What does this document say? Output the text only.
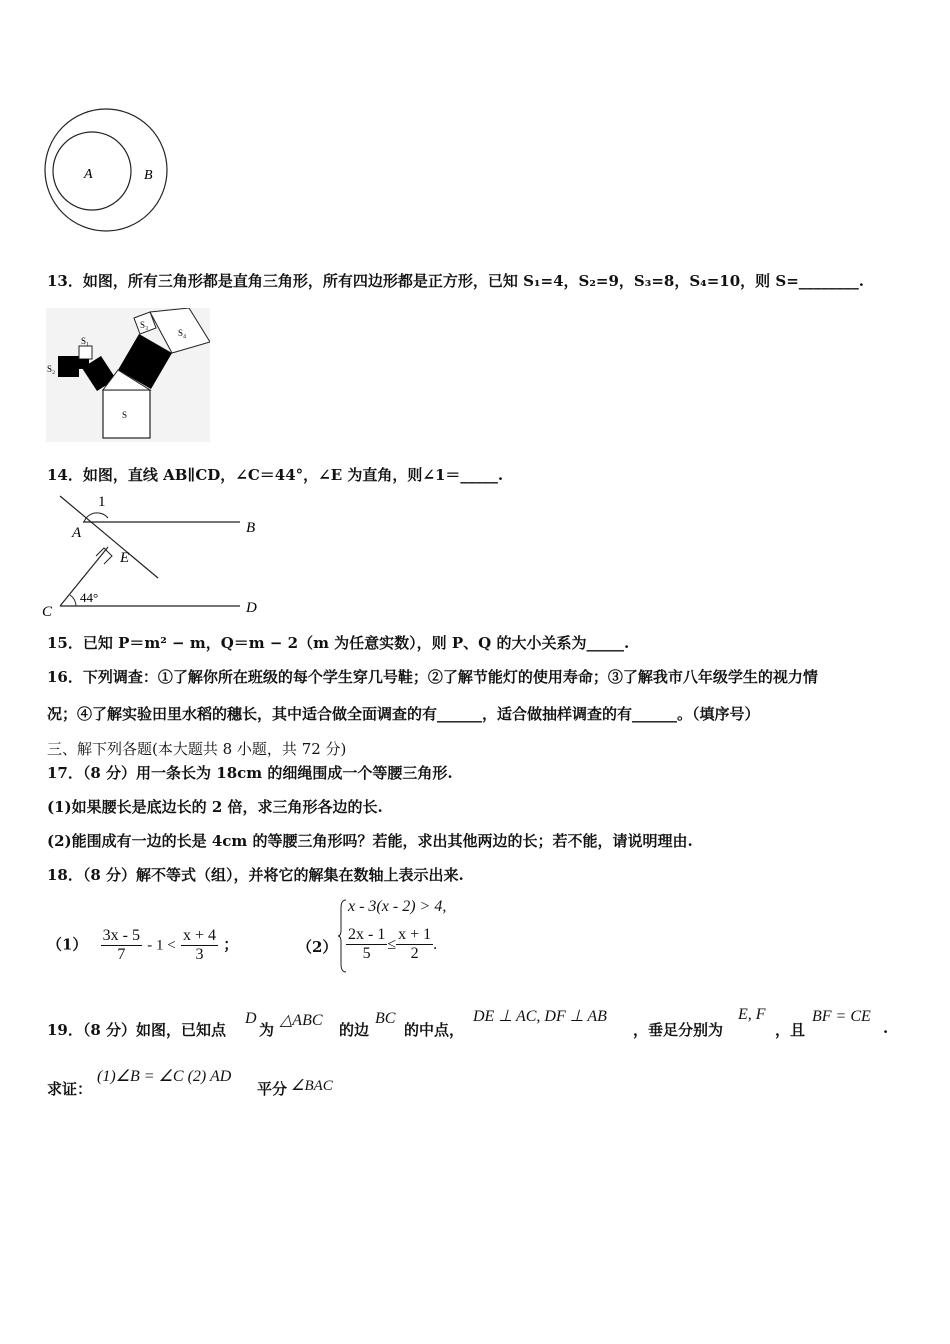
A	B
13．如图，所有三角形都是直角三角形，所有四边形都是正方形，已知 S₁=4，S₂=9，S₃=8，S₄=10，则 S=________.
S₁
S₂
S₃
S₄
S
14．如图，直线 AB∥CD，∠C＝44°，∠E 为直角，则∠1＝_____.
1
A	B
E
C	D
44°
15．已知 P＝m² − m，Q＝m − 2（m 为任意实数），则 P、Q 的大小关系为_____.
16．下列调查：①了解你所在班级的每个学生穿几号鞋；②了解节能灯的使用寿命；③了解我市八年级学生的视力情
况；④了解实验田里水稻的穗长，其中适合做全面调查的有______，适合做抽样调查的有______。（填序号）
三、解下列各题(本大题共 8 小题，共 72 分)
17．（8 分）用一条长为 18cm 的细绳围成一个等腰三角形.
(1)如果腰长是底边长的 2 倍，求三角形各边的长.
(2)能围成有一边的长是 4cm 的等腰三角形吗？若能，求出其他两边的长；若不能，请说明理由.
18．（8 分）解不等式（组），并将它的解集在数轴上表示出来.
$(1) \frac{3x - 5}{7} - 1 < \frac{x + 4}{3}$ ；	（2）
x - 3(x - 2) > 4,
$\frac{2x - 1}{5} \le \frac{x + 1}{2}$ .
19．（8 分）如图，已知点
D
为
△ABC
的边
BC
的中点，
DE ⊥ AC, DF ⊥ AB
，垂足分别为
E, F
，且
BF = CE
.
求证：
(1)∠B = ∠C (2) AD
平分 ∠BAC
